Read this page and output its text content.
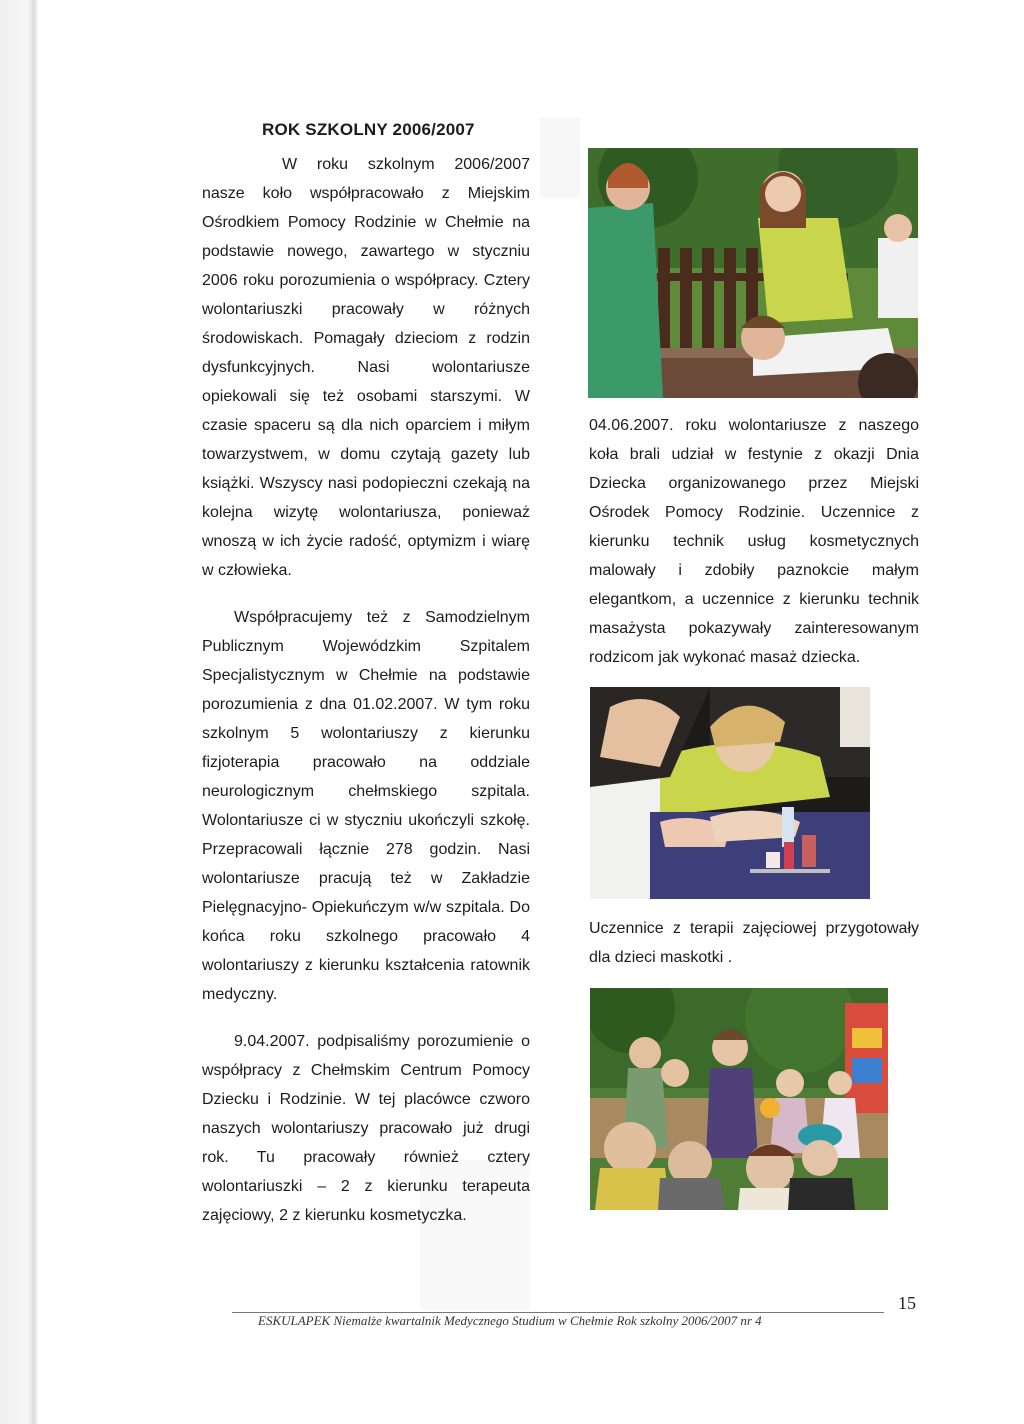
ROK SZKOLNY 2006/2007

W roku szkolnym 2006/2007 nasze koło współpracowało z Miejskim Ośrodkiem Pomocy Rodzinie w Chełmie na podstawie nowego, zawartego w styczniu 2006 roku porozumienia o współpracy. Cztery wolontariuszki pracowały w różnych środowiskach. Pomagały dzieciom z rodzin dysfunkcyjnych. Nasi wolontariusze opiekowali się też osobami starszymi. W czasie spaceru są dla nich oparciem i miłym towarzystwem, w domu czytają gazety lub książki. Wszyscy nasi podopieczni czekają na kolejna wizytę wolontariusza, ponieważ wnoszą w ich życie radość, optymizm i wiarę w człowieka.

Współpracujemy też z Samodzielnym Publicznym Wojewódzkim Szpitalem Specjalistycznym w Chełmie na podstawie porozumienia z dna 01.02.2007. W tym roku szkolnym 5 wolontariuszy z kierunku fizjoterapia pracowało na oddziale neurologicznym chełmskiego szpitala. Wolontariusze ci w styczniu ukończyli szkołę. Przepracowali łącznie 278 godzin. Nasi wolontariusze pracują też w Zakładzie Pielęgnacyjno- Opiekuńczym w/w szpitala. Do końca roku szkolnego pracowało 4 wolontariuszy z kierunku kształcenia ratownik medyczny.

9.04.2007. podpisaliśmy porozumienie o współpracy z Chełmskim Centrum Pomocy Dziecku i Rodzinie. W tej placówce czworo naszych wolontariuszy pracowało już drugi rok. Tu pracowały również cztery wolontariuszki – 2 z kierunku terapeuta zajęciowy, 2 z kierunku kosmetyczka.

04.06.2007. roku wolontariusze z naszego koła brali udział w festynie z okazji Dnia Dziecka organizowanego przez Miejski Ośrodek Pomocy Rodzinie. Uczennice z kierunku technik usług kosmetycznych malowały i zdobiły paznokcie małym elegantkom, a uczennice z kierunku technik masażysta pokazywały zainteresowanym rodzicom jak wykonać masaż dziecka.

Uczennice z terapii zajęciowej przygotowały dla dzieci maskotki .

ESKULAPEK Niemalże kwartalnik Medycznego Studium w Chełmie Rok szkolny 2006/2007 nr 4
15
